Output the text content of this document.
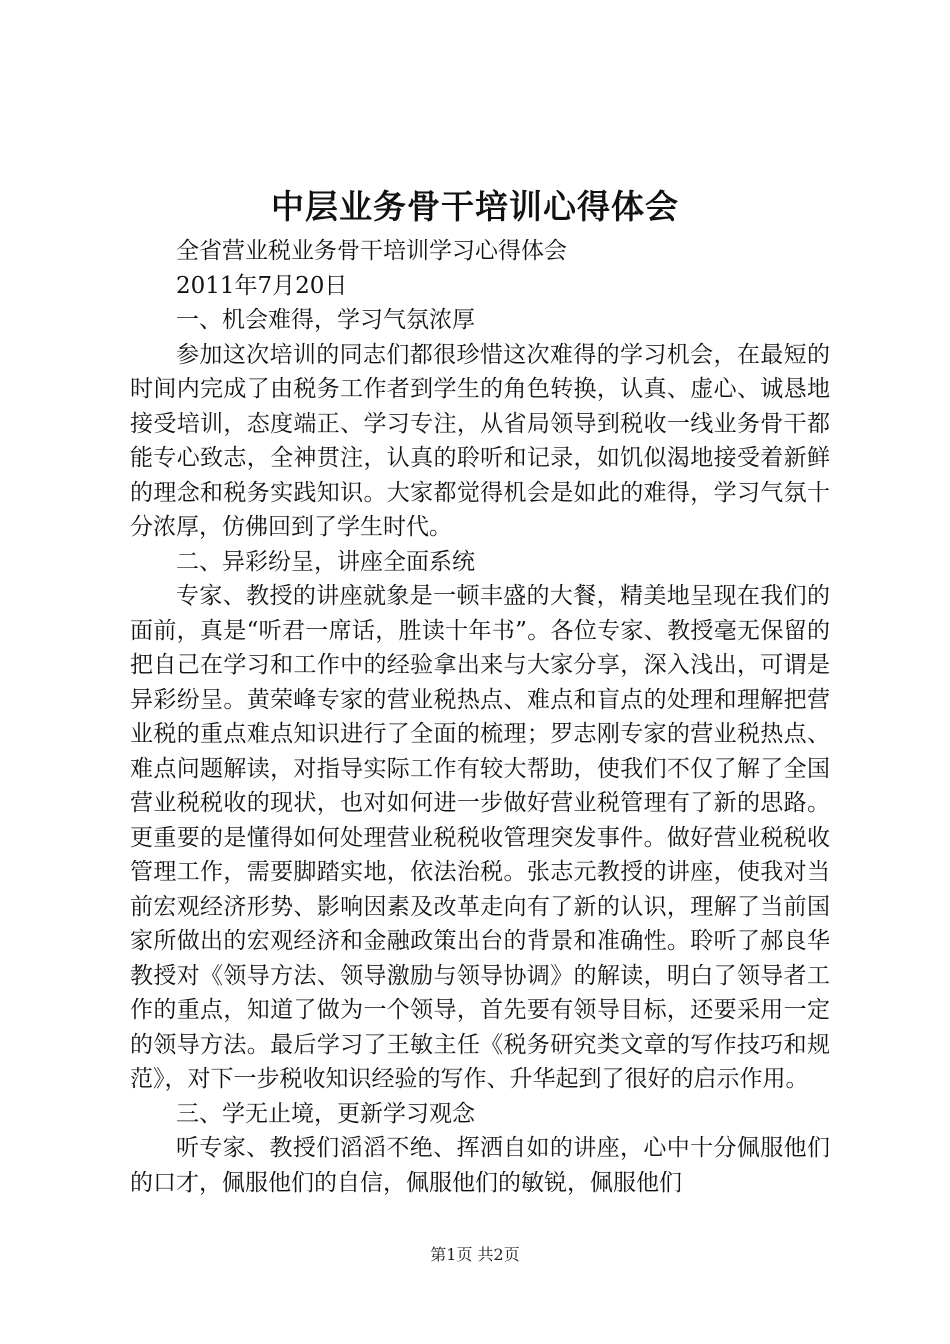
中层业务骨干培训心得体会

全省营业税业务骨干培训学习心得体会

2011年7月20日

一、机会难得，学习气氛浓厚

参加这次培训的同志们都很珍惜这次难得的学习机会，在最短的时间内完成了由税务工作者到学生的角色转换，认真、虚心、诚恳地接受培训，态度端正、学习专注，从省局领导到税收一线业务骨干都能专心致志，全神贯注，认真的聆听和记录，如饥似渴地接受着新鲜的理念和税务实践知识。大家都觉得机会是如此的难得，学习气氛十分浓厚，仿佛回到了学生时代。

二、异彩纷呈，讲座全面系统

专家、教授的讲座就象是一顿丰盛的大餐，精美地呈现在我们的面前，真是“听君一席话，胜读十年书”。各位专家、教授毫无保留的把自己在学习和工作中的经验拿出来与大家分享，深入浅出，可谓是异彩纷呈。黄荣峰专家的营业税热点、难点和盲点的处理和理解把营业税的重点难点知识进行了全面的梳理；罗志刚专家的营业税热点、难点问题解读，对指导实际工作有较大帮助，使我们不仅了解了全国营业税税收的现状，也对如何进一步做好营业税管理有了新的思路。更重要的是懂得如何处理营业税税收管理突发事件。做好营业税税收管理工作，需要脚踏实地，依法治税。张志元教授的讲座，使我对当前宏观经济形势、影响因素及改革走向有了新的认识，理解了当前国家所做出的宏观经济和金融政策出台的背景和准确性。聆听了郝良华教授对《领导方法、领导激励与领导协调》的解读，明白了领导者工作的重点，知道了做为一个领导，首先要有领导目标，还要采用一定的领导方法。最后学习了王敏主任《税务研究类文章的写作技巧和规范》，对下一步税收知识经验的写作、升华起到了很好的启示作用。

三、学无止境，更新学习观念

听专家、教授们滔滔不绝、挥洒自如的讲座，心中十分佩服他们的口才，佩服他们的自信，佩服他们的敏锐，佩服他们

第1页 共2页
